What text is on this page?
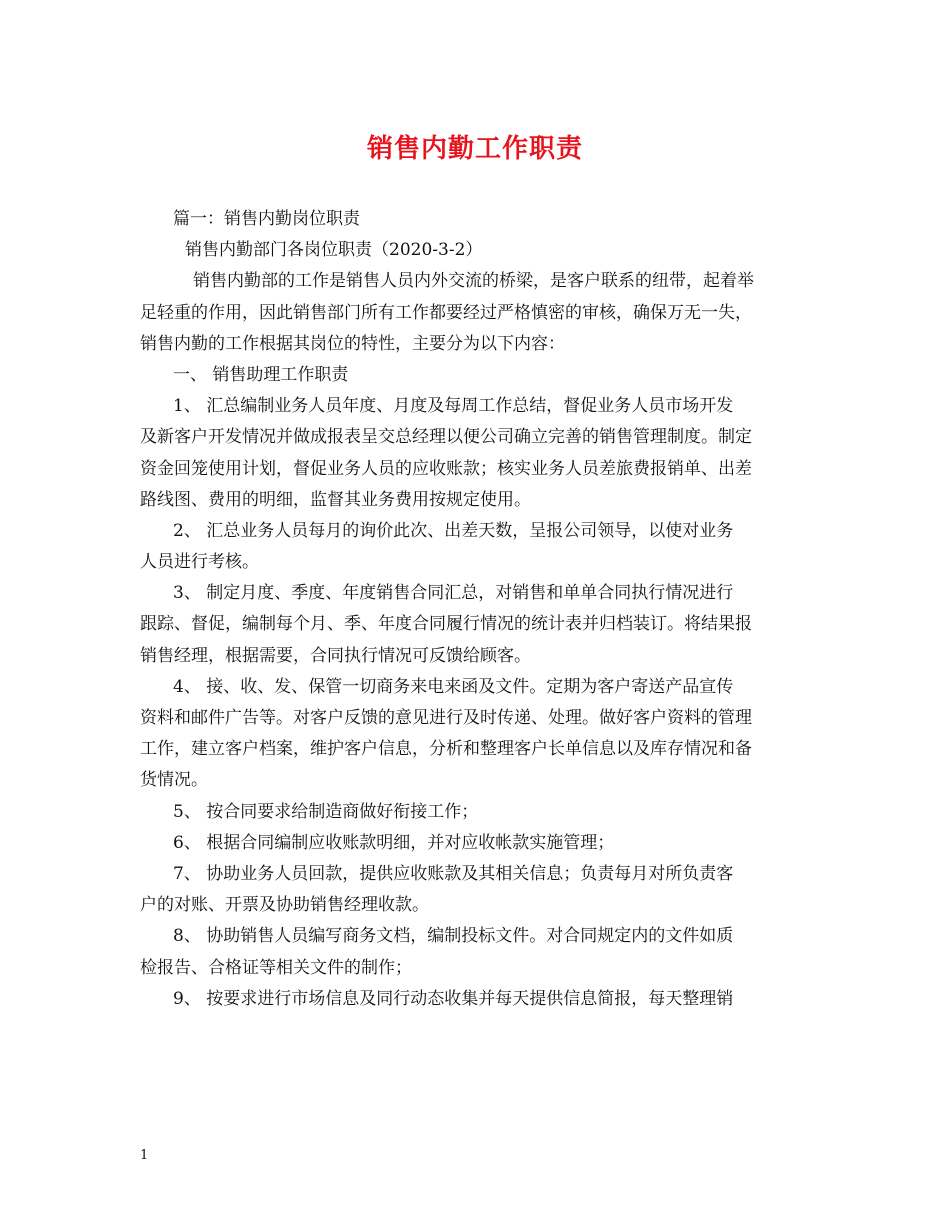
销售内勤工作职责
篇一：销售内勤岗位职责
销售内勤部门各岗位职责（2020-3-2）
销售内勤部的工作是销售人员内外交流的桥梁，是客户联系的纽带，起着举
足轻重的作用，因此销售部门所有工作都要经过严格慎密的审核，确保万无一失，
销售内勤的工作根据其岗位的特性，主要分为以下内容：
一、 销售助理工作职责
1、 汇总编制业务人员年度、月度及每周工作总结，督促业务人员市场开发
及新客户开发情况并做成报表呈交总经理以便公司确立完善的销售管理制度。制定
资金回笼使用计划，督促业务人员的应收账款；核实业务人员差旅费报销单、出差
路线图、费用的明细，监督其业务费用按规定使用。
2、 汇总业务人员每月的询价此次、出差天数，呈报公司领导，以使对业务
人员进行考核。
3、 制定月度、季度、年度销售合同汇总，对销售和单单合同执行情况进行
跟踪、督促，编制每个月、季、年度合同履行情况的统计表并归档装订。将结果报
销售经理，根据需要，合同执行情况可反馈给顾客。
4、 接、收、发、保管一切商务来电来函及文件。定期为客户寄送产品宣传
资料和邮件广告等。对客户反馈的意见进行及时传递、处理。做好客户资料的管理
工作，建立客户档案，维护客户信息，分析和整理客户长单信息以及库存情况和备
货情况。
5、 按合同要求给制造商做好衔接工作；
6、 根据合同编制应收账款明细，并对应收帐款实施管理；
7、 协助业务人员回款，提供应收账款及其相关信息；负责每月对所负责客
户的对账、开票及协助销售经理收款。
8、 协助销售人员编写商务文档，编制投标文件。对合同规定内的文件如质
检报告、合格证等相关文件的制作；
9、 按要求进行市场信息及同行动态收集并每天提供信息简报，每天整理销
1
